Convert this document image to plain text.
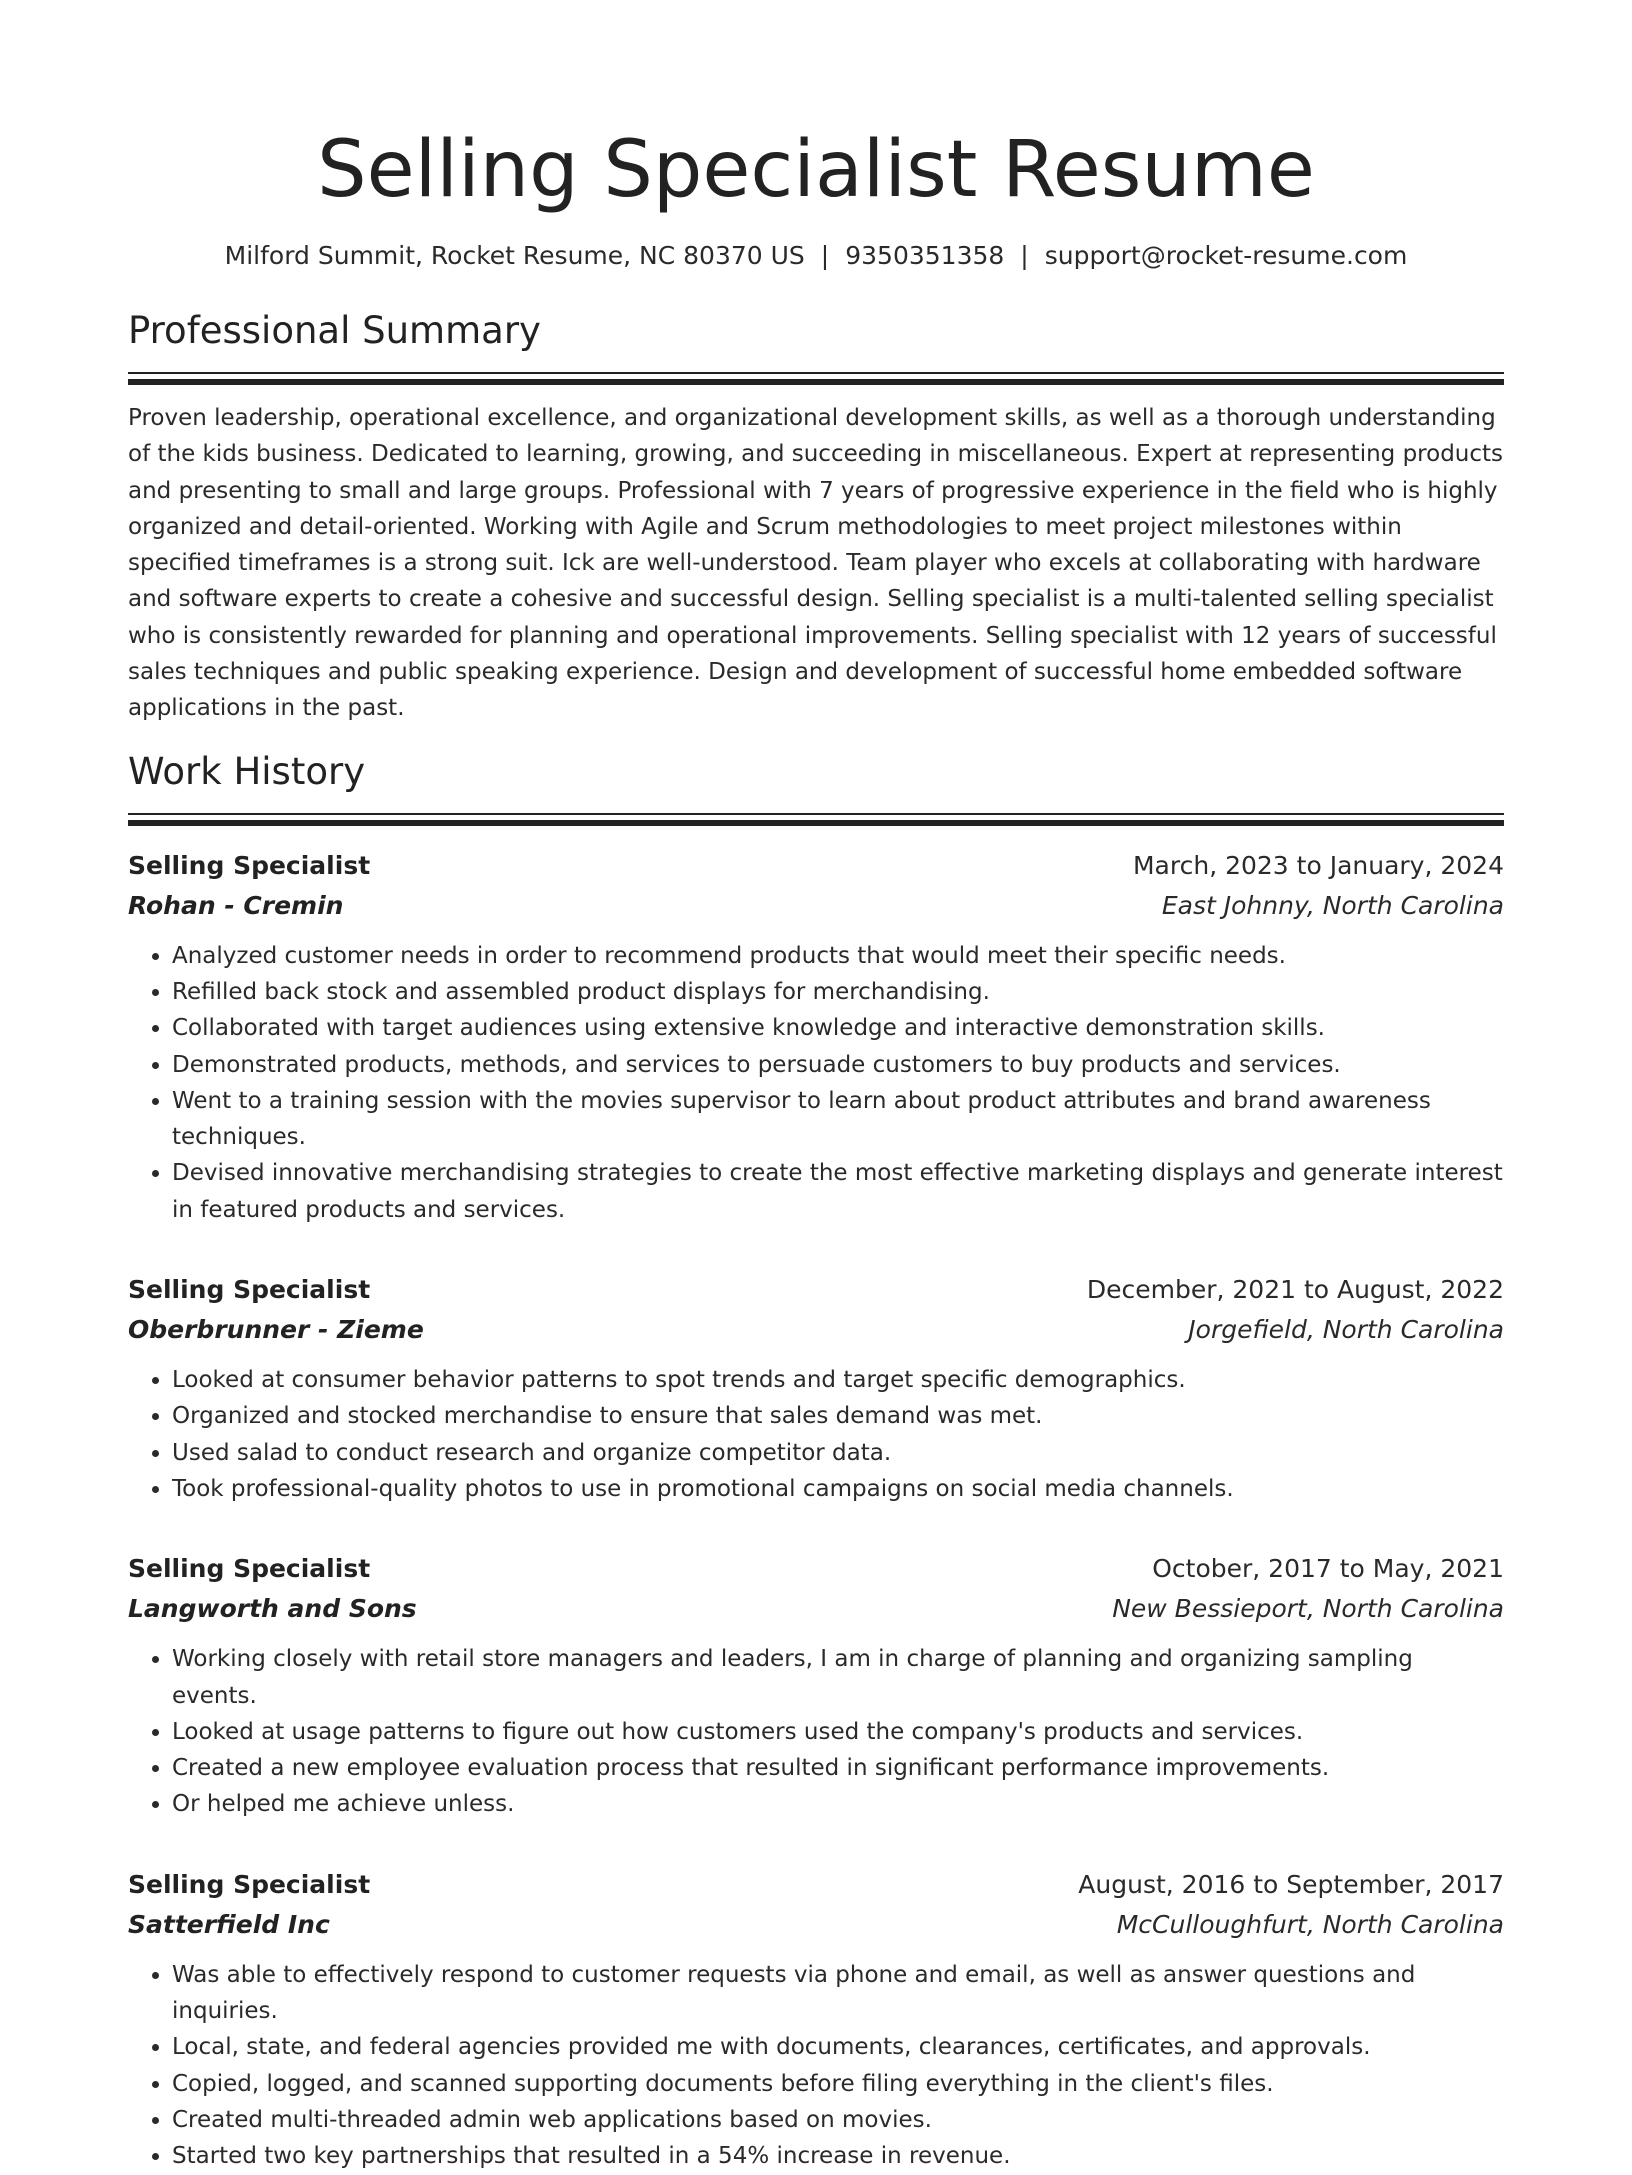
Selling Specialist Resume
Milford Summit, Rocket Resume, NC 80370 US | 9350351358 | support@rocket-resume.com
Professional Summary

Proven leadership, operational excellence, and organizational development skills, as well as a thorough understanding of the kids business. Dedicated to learning, growing, and succeeding in miscellaneous. Expert at representing products and presenting to small and large groups. Professional with 7 years of progressive experience in the field who is highly organized and detail-oriented. Working with Agile and Scrum methodologies to meet project milestones within specified timeframes is a strong suit. Ick are well-understood. Team player who excels at collaborating with hardware and software experts to create a cohesive and successful design. Selling specialist is a multi-talented selling specialist who is consistently rewarded for planning and operational improvements. Selling specialist with 12 years of successful sales techniques and public speaking experience. Design and development of successful home embedded software applications in the past.

Work History
Selling Specialist	March, 2023 to January, 2024
Rohan - Cremin	East Johnny, North Carolina
• Analyzed customer needs in order to recommend products that would meet their specific needs.
• Refilled back stock and assembled product displays for merchandising.
• Collaborated with target audiences using extensive knowledge and interactive demonstration skills.
• Demonstrated products, methods, and services to persuade customers to buy products and services.
• Went to a training session with the movies supervisor to learn about product attributes and brand awareness techniques.
• Devised innovative merchandising strategies to create the most effective marketing displays and generate interest in featured products and services.
Selling Specialist	December, 2021 to August, 2022
Oberbrunner - Zieme	Jorgefield, North Carolina
• Looked at consumer behavior patterns to spot trends and target specific demographics.
• Organized and stocked merchandise to ensure that sales demand was met.
• Used salad to conduct research and organize competitor data.
• Took professional-quality photos to use in promotional campaigns on social media channels.
Selling Specialist	October, 2017 to May, 2021
Langworth and Sons	New Bessieport, North Carolina
• Working closely with retail store managers and leaders, I am in charge of planning and organizing sampling events.
• Looked at usage patterns to figure out how customers used the company's products and services.
• Created a new employee evaluation process that resulted in significant performance improvements.
• Or helped me achieve unless.
Selling Specialist	August, 2016 to September, 2017
Satterfield Inc	McCulloughfurt, North Carolina
• Was able to effectively respond to customer requests via phone and email, as well as answer questions and inquiries.
• Local, state, and federal agencies provided me with documents, clearances, certificates, and approvals.
• Copied, logged, and scanned supporting documents before filing everything in the client's files.
• Created multi-threaded admin web applications based on movies.
• Started two key partnerships that resulted in a 54% increase in revenue.
